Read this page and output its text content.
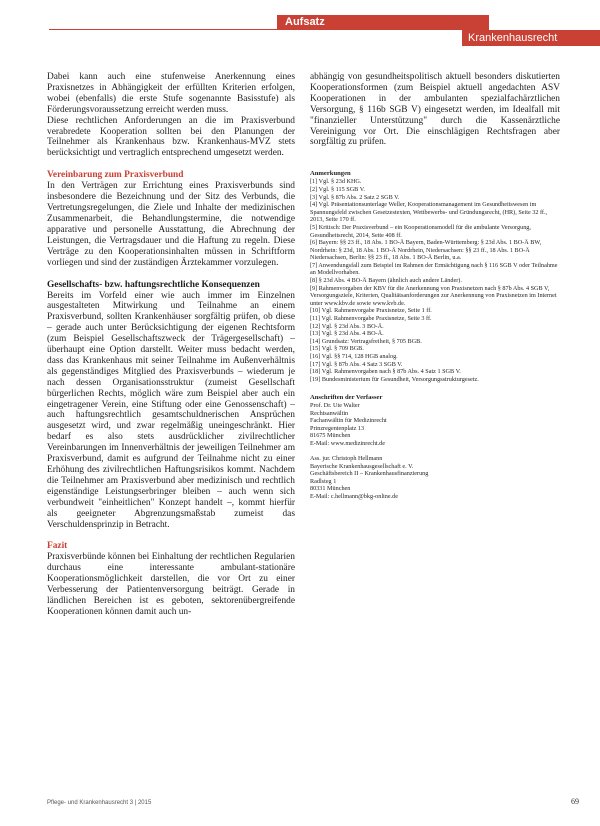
Aufsatz
Krankenhausrecht

Dabei kann auch eine stufenweise Anerkennung eines Praxisnetzes in Abhängigkeit der erfüllten Kriterien erfolgen, wobei (ebenfalls) die erste Stufe sogenannte Basisstufe) als Förderungsvoraussetzung erreicht werden muss.

Diese rechtlichen Anforderungen an die im Praxisverbund verabredete Kooperation sollten bei den Planungen der Teilnehmer als Krankenhaus bzw. Krankenhaus-MVZ stets berücksichtigt und vertraglich entsprechend umgesetzt werden.

Vereinbarung zum Praxisverbund

In den Verträgen zur Errichtung eines Praxisverbunds sind insbesondere die Bezeichnung und der Sitz des Verbunds, die Vertretungsregelungen, die Ziele und Inhalte der medizinischen Zusammenarbeit, die Behandlungstermine, die notwendige apparative und personelle Ausstattung, die Abrechnung der Leistungen, die Vertragsdauer und die Haftung zu regeln. Diese Verträge zu den Kooperationsinhalten müssen in Schriftform vorliegen und sind der zuständigen Ärztekammer vorzulegen.

Gesellschafts- bzw. haftungsrechtliche Konsequenzen

Bereits im Vorfeld einer wie auch immer im Einzelnen ausgestalteten Mitwirkung und Teilnahme an einem Praxisverbund, sollten Krankenhäuser sorgfältig prüfen, ob diese – gerade auch unter Berücksichtigung der eigenen Rechtsform (zum Beispiel Gesellschaftszweck der Trägergesellschaft) – überhaupt eine Option darstellt. Weiter muss bedacht werden, dass das Krankenhaus mit seiner Teilnahme im Außenverhältnis als gegenständiges Mitglied des Praxisverbunds – wiederum je nach dessen Organisationsstruktur (zumeist Gesellschaft bürgerlichen Rechts, möglich wäre zum Beispiel aber auch ein eingetragener Verein, eine Stiftung oder eine Genossenschaft) – auch haftungsrechtlich gesamtschuldnerischen Ansprüchen ausgesetzt wird, und zwar regelmäßig uneingeschränkt. Hier bedarf es also stets ausdrücklicher zivilrechtlicher Vereinbarungen im Innenverhältnis der jeweiligen Teilnehmer am Praxisverbund, damit es aufgrund der Teilnahme nicht zu einer Erhöhung des zivilrechtlichen Haftungsrisikos kommt. Nachdem die Teilnehmer am Praxisverbund aber medizinisch und rechtlich eigenständige Leistungserbringer bleiben – auch wenn sich verbundweit "einheitlichen" Konzept handelt –, kommt hierfür als geeigneter Abgrenzungsmaßstab zumeist das Verschuldensprinzip in Betracht.

Fazit

Praxisverbünde können bei Einhaltung der rechtlichen Regularien durchaus eine interessante ambulant-stationäre Kooperationsmöglichkeit darstellen, die vor Ort zu einer Verbesserung der Patientenversorgung beiträgt. Gerade in ländlichen Bereichen ist es geboten, sektorenübergreifende Kooperationen können damit auch un-

abhängig von gesundheitspolitisch aktuell besonders diskutierten Kooperationsformen (zum Beispiel aktuell angedachten ASV Kooperationen in der ambulanten spezialfachärztlichen Versorgung, § 116b SGB V) eingesetzt werden, im Idealfall mit "finanzieller Unterstützung" durch die Kassenärztliche Vereinigung vor Ort. Die einschlägigen Rechtsfragen aber sorgfältig zu prüfen.

Anmerkungen

[1] Vgl. § 23d KHG.

[2] Vgl. § 115 SGB V.

[3] Vgl. § 87b Abs. 2 Satz 2 SGB V.

[4] Vgl. Präsentationsunterlage Weller, Kooperationsmanagement im Gesundheitswesen im Spannungsfeld zwischen Gesetzestexten, Wettbewerbs- und Gründungsrecht, (HR), Seite 32 ff., 2013, Seite 170 ff.

[5] Kritisch: Der Praxisverbund – ein Kooperationsmodell für die ambulante Versorgung, Gesundheitsrecht, 2014, Seite 408 ff.

[6] Bayern: §§ 23 ff., 18 Abs. 1 BO-Ä Bayern, Baden-Württemberg: § 23d Abs. 1 BO-Ä BW, Nordrhein: § 23d, 18 Abs. 1 BO-Ä Nordrhein, Niedersachsen: §§ 23 ff., 18 Abs. 1 BO-Ä Niedersachsen, Berlin: §§ 23 ff., 18 Abs. 1 BO-Ä Berlin, u.a.

[7] Anwendungsfall zum Beispiel im Rahmen der Ermächtigung nach § 116 SGB V oder Teilnahme an Modellvorhaben.

[8] § 23d Abs. 4 BO-Ä Bayern (ähnlich auch andere Länder).

[9] Rahmenvorgaben der KBV für die Anerkennung von Praxisnetzen nach § 87b Abs. 4 SGB V, Versorgungsziele, Kriterien, Qualitätsanforderungen zur Anerkennung von Praxisnetzen im Internet unter www.kbv.de sowie www.kvb.de.

[10] Vgl. Rahmenvorgabe Praxisnetze, Seite 1 ff.

[11] Vgl. Rahmenvorgabe Praxisnetze, Seite 3 ff.

[12] Vgl. § 23d Abs. 3 BO-Ä.

[13] Vgl. § 23d Abs. 4 BO-Ä.

[14] Grundsatz: Vertragsfreiheit, § 705 BGB.

[15] Vgl. § 709 BGB.

[16] Vgl. §§ 714, 128 HGB analog.

[17] Vgl. § 87b Abs. 4 Satz 3 SGB V.

[18] Vgl. Rahmenvorgaben nach § 87b Abs. 4 Satz 1 SGB V.

[19] Bundesministerium für Gesundheit, Versorgungsstrukturgesetz.

Anschriften der Verfasser

Prof. Dr. Ute Walter

Rechtsanwältin

Fachanwältin für Medizinrecht

Prinzregentenplatz 13

81675 München

E-Mail: www.medizinrecht.de

Ass. jur. Christoph Hellmann

Bayerische Krankenhausgesellschaft e. V.

Geschäftsbereich II – Krankenhausfinanzierung

Radlsteg 1

80331 München

E-Mail: c.hellmann@bkg-online.de

Pflege- und Krankenhausrecht 3 | 2015	69
